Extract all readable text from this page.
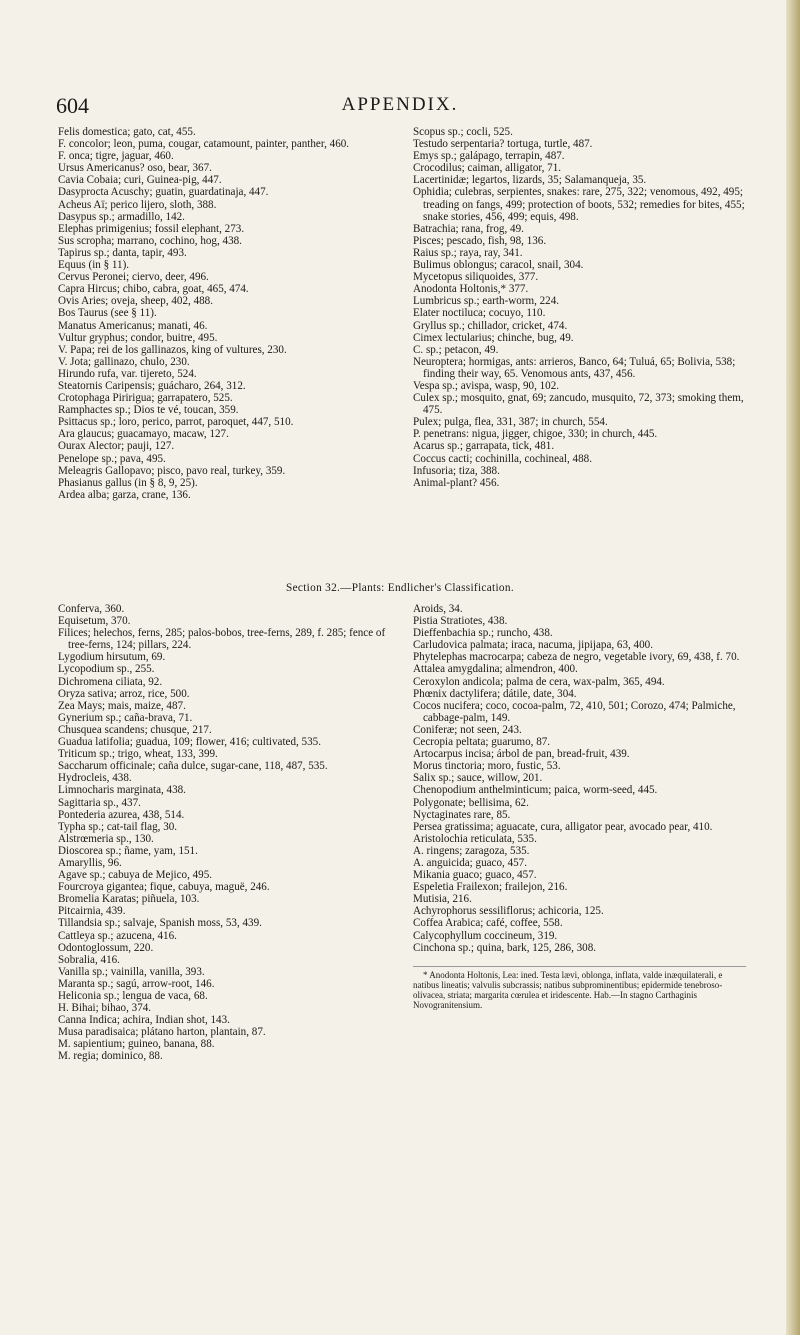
604	APPENDIX.
Felis domestica; gato, cat, 455.
F. concolor; leon, puma, cougar, catamount, painter, panther, 460.
F. onca; tigre, jaguar, 460.
Ursus Americanus? oso, bear, 367.
Cavia Cobaia; curi, Guinea-pig, 447.
Dasyprocta Acuschy; guatin, guardatinaja, 447.
Acheus Aï; perico lijero, sloth, 388.
Dasypus sp.; armadillo, 142.
Elephas primigenius; fossil elephant, 273.
Sus scropha; marrano, cochino, hog, 438.
Tapirus sp.; danta, tapir, 493.
Equus (in § 11).
Cervus Peronei; ciervo, deer, 496.
Capra Hircus; chibo, cabra, goat, 465, 474.
Ovis Aries; oveja, sheep, 402, 488.
Bos Taurus (see § 11).
Manatus Americanus; manati, 46.
Vultur gryphus; condor, buitre, 495.
V. Papa; rei de los gallinazos, king of vultures, 230.
V. Jota; gallinazo, chulo, 230.
Hirundo rufa, var. tijereto, 524.
Steatornis Caripensis; guácharo, 264, 312.
Crotophaga Piririgua; garrapatero, 525.
Ramphactes sp.; Dios te vé, toucan, 359.
Psittacus sp.; loro, perico, parrot, paroquet, 447, 510.
Ara glaucus; guacamayo, macaw, 127.
Ourax Alector; pauji, 127.
Penelope sp.; pava, 495.
Meleagris Gallopavo; pisco, pavo real, turkey, 359.
Phasianus gallus (in § 8, 9, 25).
Ardea alba; garza, crane, 136.
Scopus sp.; cocli, 525.
Testudo serpentaria? tortuga, turtle, 487.
Emys sp.; galápago, terrapin, 487.
Crocodilus; caiman, alligator, 71.
Lacertinidæ; legartos, lizards, 35; Salamanqueja, 35.
Ophidia; culebras, serpientes, snakes: rare, 275, 322; venomous, 492, 495; treading on fangs, 499; protection of boots, 532; remedies for bites, 455; snake stories, 456, 499; equis, 498.
Batrachia; rana, frog, 49.
Pisces; pescado, fish, 98, 136.
Raius sp.; raya, ray, 341.
Bulimus oblongus; caracol, snail, 304.
Mycetopus siliquoides, 377.
Anodonta Holtonis,* 377.
Lumbricus sp.; earth-worm, 224.
Elater noctiluca; cocuyo, 110.
Gryllus sp.; chillador, cricket, 474.
Cimex lectularius; chinche, bug, 49.
C. sp.; petacon, 49.
Neuroptera; hormigas, ants: arrieros, Banco, 64; Tuluá, 65; Bolivia, 538; finding their way, 65. Venomous ants, 437, 456.
Vespa sp.; avispa, wasp, 90, 102.
Culex sp.; mosquito, gnat, 69; zancudo, musquito, 72, 373; smoking them, 475.
Pulex; pulga, flea, 331, 387; in church, 554.
P. penetrans: nigua, jigger, chigoe, 330; in church, 445.
Acarus sp.; garrapata, tick, 481.
Coccus cacti; cochinilla, cochineal, 488.
Infusoria; tiza, 388.
Animal-plant? 456.
Section 32.—Plants: Endlicher's Classification.
Conferva, 360.
Equisetum, 370.
Filices; helechos, ferns, 285; palos-bobos, tree-ferns, 289, f. 285; fence of tree-ferns, 124; pillars, 224.
Lygodium hirsutum, 69.
Lycopodium sp., 255.
Dichromena ciliata, 92.
Oryza sativa; arroz, rice, 500.
Zea Mays; mais, maize, 487.
Gynerium sp.; caña-brava, 71.
Chusquea scandens; chusque, 217.
Guadua latifolia; guadua, 109; flower, 416; cultivated, 535.
Triticum sp.; trigo, wheat, 133, 399.
Saccharum officinale; caña dulce, sugar-cane, 118, 487, 535.
Hydrocleis, 438.
Limnocharis marginata, 438.
Sagittaria sp., 437.
Pontederia azurea, 438, 514.
Typha sp.; cat-tail flag, 30.
Alstrœmeria sp., 130.
Dioscorea sp.; ñame, yam, 151.
Amaryllis, 96.
Agave sp.; cabuya de Mejico, 495.
Fourcroya gigantea; fique, cabuya, maguë, 246.
Bromelia Karatas; piñuela, 103.
Pitcairnia, 439.
Tillandsia sp.; salvaje, Spanish moss, 53, 439.
Cattleya sp.; azucena, 416.
Odontoglossum, 220.
Sobralia, 416.
Vanilla sp.; vainilla, vanilla, 393.
Maranta sp.; sagú, arrow-root, 146.
Heliconia sp.; lengua de vaca, 68.
H. Bihai; bihao, 374.
Canna Indica; achira, Indian shot, 143.
Musa paradisaica; plátano harton, plantain, 87.
M. sapientium; guineo, banana, 88.
M. regia; dominico, 88.
Aroids, 34.
Pistia Stratiotes, 438.
Dieffenbachia sp.; runcho, 438.
Carludovica palmata; iraca, nacuma, jipijapa, 63, 400.
Phytelephas macrocarpa; cabeza de negro, vegetable ivory, 69, 438, f. 70.
Attalea amygdalina; almendron, 400.
Ceroxylon andicola; palma de cera, wax-palm, 365, 494.
Phœnix dactylifera; dátile, date, 304.
Cocos nucifera; coco, cocoa-palm, 72, 410, 501; Corozo, 474; Palmiche, cabbage-palm, 149.
Coniferæ; not seen, 243.
Cecropia peltata; guarumo, 87.
Artocarpus incisa; árbol de pan, bread-fruit, 439.
Morus tinctoria; moro, fustic, 53.
Salix sp.; sauce, willow, 201.
Chenopodium anthelminticum; paica, worm-seed, 445.
Polygonate; bellisima, 62.
Nyctaginates rare, 85.
Persea gratissima; aguacate, cura, alligator pear, avocado pear, 410.
Aristolochia reticulata, 535.
A. ringens; zaragoza, 535.
A. anguicida; guaco, 457.
Mikania guaco; guaco, 457.
Espeletia Frailexon; frailejon, 216.
Mutisia, 216.
Achyrophorus sessiliflorus; achicoria, 125.
Coffea Arabica; café, coffee, 558.
Calycophyllum coccineum, 319.
Cinchona sp.; quina, bark, 125, 286, 308.
* Anodonta Holtonis, Lea: ined. Testa lævi, oblonga, inflata, valde inæquilaterali, e natibus lineatis; valvulis subcrassis; natibus subprominentibus; epidermide tenebroso-olivacea, striata; margarita cœrulea et iridescente. Hab.—In stagno Carthaginis Novogranitensium.
